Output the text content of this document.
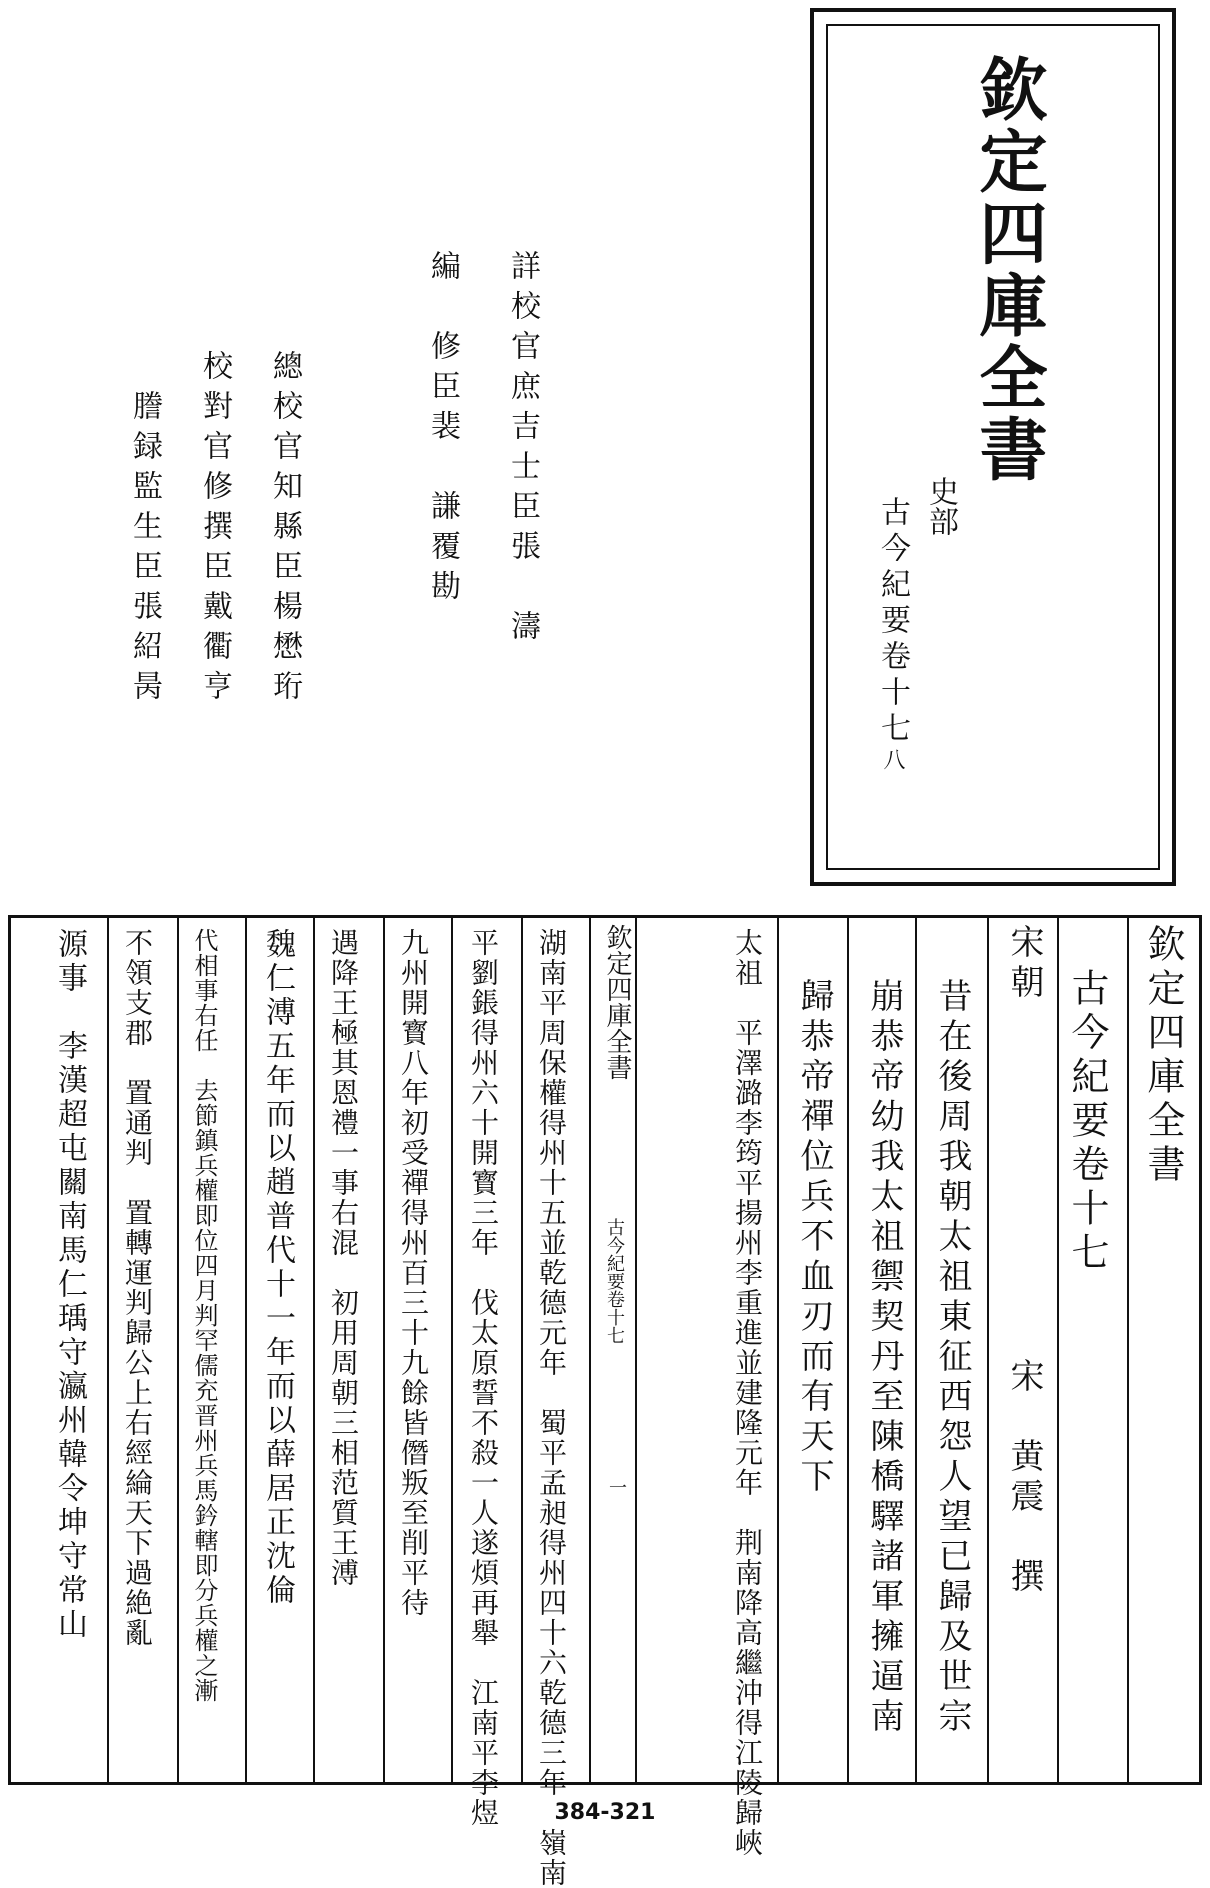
欽定四庫全書
史部
古今紀要卷十七八
詳校官庶吉士臣張　濤
編　修臣裴　謙覆勘
總校官知縣臣楊懋珩
校對官修撰臣戴衢亨
謄録監生臣張紹昺
欽定四庫全書
古今紀要卷十七
宋朝
宋　黄震　撰
昔在後周我朝太祖東征西怨人望已歸及世宗
崩恭帝幼我太祖禦契丹至陳橋驛諸軍擁逼南
歸恭帝禪位兵不血刃而有天下
太祖　平澤潞李筠平揚州李重進並建隆元年　荆南降高繼沖得江陵歸峽
欽定四庫全書
古今紀要卷十七
一
湖南平周保權得州十五並乾德元年　蜀平孟昶得州四十六乾德三年　嶺南
平劉鋹得州六十開寳三年　伐太原誓不殺一人遂煩再舉　江南平李煜
九州開寳八年初受禪得州百三十九餘皆僭叛至削平待
遇降王極其恩禮一事右混　初用周朝三相范質王溥
魏仁溥五年而以趙普代十一年而以薛居正沈倫
代相事右任　去節鎮兵權即位四月判罕儒充晋州兵馬鈐轄即分兵權之漸
不領支郡　置通判　置轉運判歸公上右經綸天下過絶亂
源事　李漢超屯關南馬仁瑀守瀛州韓令坤守常山
384-321
